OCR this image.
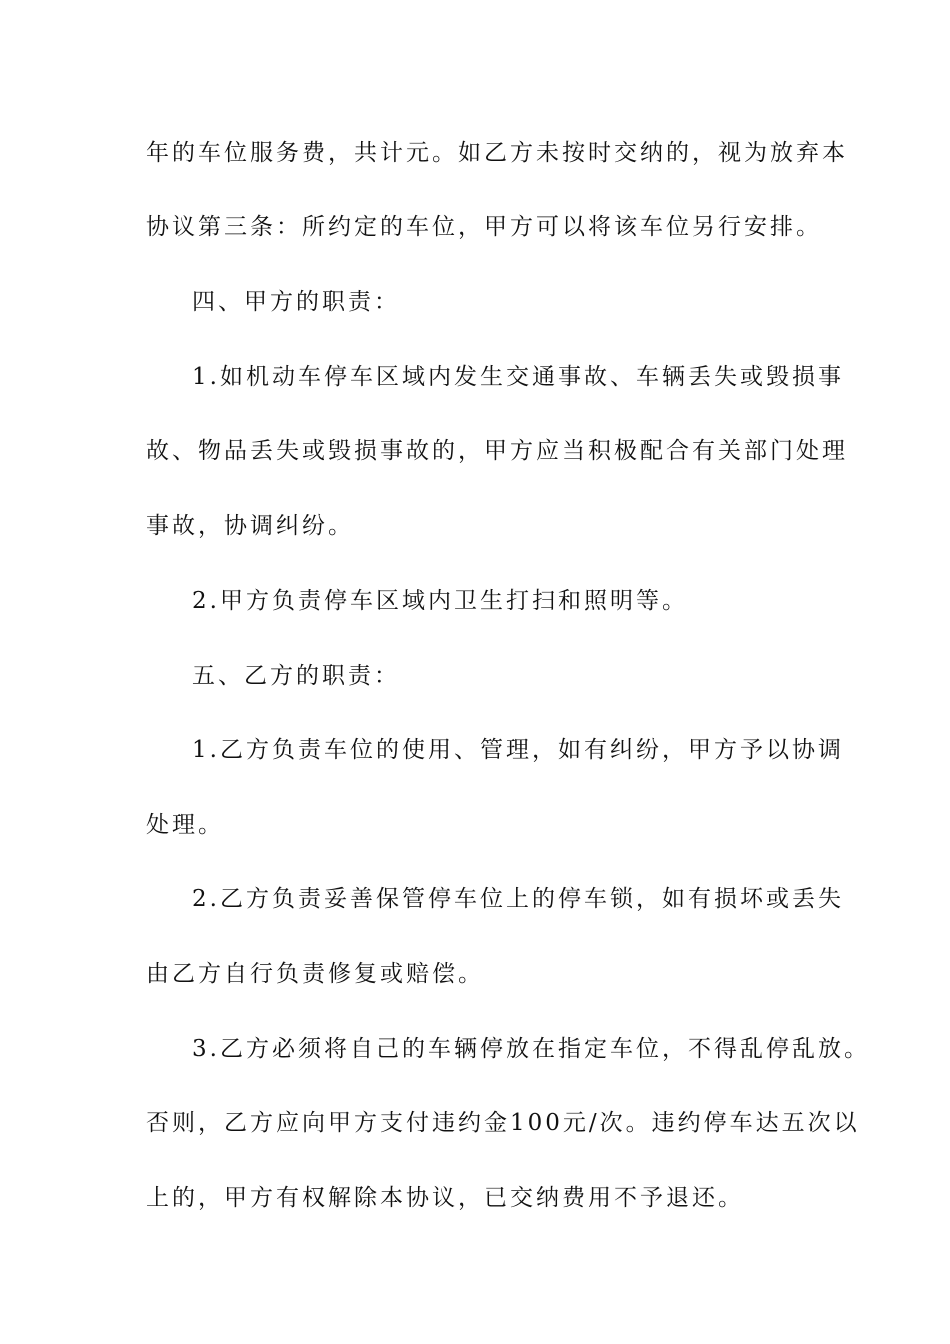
年的车位服务费，共计元。如乙方未按时交纳的，视为放弃本
协议第三条：所约定的车位，甲方可以将该车位另行安排。
四、甲方的职责：
1.如机动车停车区域内发生交通事故、车辆丢失或毁损事
故、物品丢失或毁损事故的，甲方应当积极配合有关部门处理
事故，协调纠纷。
2.甲方负责停车区域内卫生打扫和照明等。
五、乙方的职责：
1.乙方负责车位的使用、管理，如有纠纷，甲方予以协调
处理。
2.乙方负责妥善保管停车位上的停车锁，如有损坏或丢失
由乙方自行负责修复或赔偿。
3.乙方必须将自己的车辆停放在指定车位，不得乱停乱放。
否则，乙方应向甲方支付违约金100元/次。违约停车达五次以
上的，甲方有权解除本协议，已交纳费用不予退还。
